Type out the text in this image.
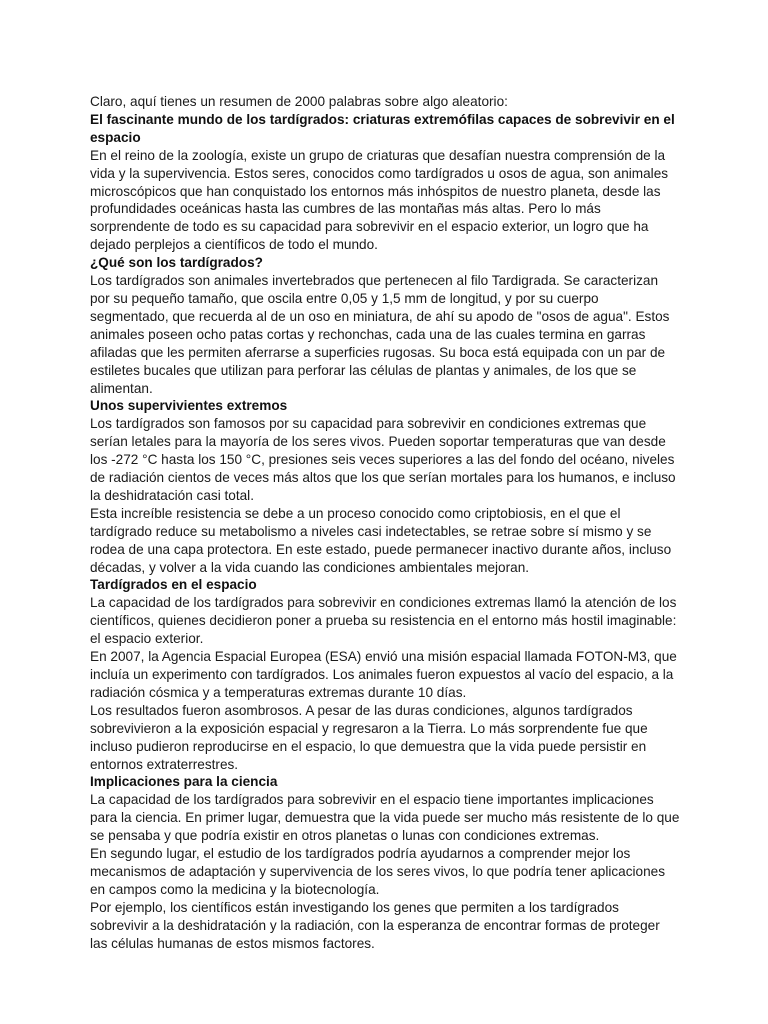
Claro, aquí tienes un resumen de 2000 palabras sobre algo aleatorio:

El fascinante mundo de los tardígrados: criaturas extremófilas capaces de sobrevivir en el espacio

En el reino de la zoología, existe un grupo de criaturas que desafían nuestra comprensión de la vida y la supervivencia. Estos seres, conocidos como tardígrados u osos de agua, son animales microscópicos que han conquistado los entornos más inhóspitos de nuestro planeta, desde las profundidades oceánicas hasta las cumbres de las montañas más altas. Pero lo más sorprendente de todo es su capacidad para sobrevivir en el espacio exterior, un logro que ha dejado perplejos a científicos de todo el mundo.

¿Qué son los tardígrados?

Los tardígrados son animales invertebrados que pertenecen al filo Tardigrada. Se caracterizan por su pequeño tamaño, que oscila entre 0,05 y 1,5 mm de longitud, y por su cuerpo segmentado, que recuerda al de un oso en miniatura, de ahí su apodo de "osos de agua". Estos animales poseen ocho patas cortas y rechonchas, cada una de las cuales termina en garras afiladas que les permiten aferrarse a superficies rugosas. Su boca está equipada con un par de estiletes bucales que utilizan para perforar las células de plantas y animales, de los que se alimentan.

Unos supervivientes extremos

Los tardígrados son famosos por su capacidad para sobrevivir en condiciones extremas que serían letales para la mayoría de los seres vivos. Pueden soportar temperaturas que van desde los -272 °C hasta los 150 °C, presiones seis veces superiores a las del fondo del océano, niveles de radiación cientos de veces más altos que los que serían mortales para los humanos, e incluso la deshidratación casi total.

Esta increíble resistencia se debe a un proceso conocido como criptobiosis, en el que el tardígrado reduce su metabolismo a niveles casi indetectables, se retrae sobre sí mismo y se rodea de una capa protectora. En este estado, puede permanecer inactivo durante años, incluso décadas, y volver a la vida cuando las condiciones ambientales mejoran.

Tardígrados en el espacio

La capacidad de los tardígrados para sobrevivir en condiciones extremas llamó la atención de los científicos, quienes decidieron poner a prueba su resistencia en el entorno más hostil imaginable: el espacio exterior.

En 2007, la Agencia Espacial Europea (ESA) envió una misión espacial llamada FOTON-M3, que incluía un experimento con tardígrados. Los animales fueron expuestos al vacío del espacio, a la radiación cósmica y a temperaturas extremas durante 10 días.

Los resultados fueron asombrosos. A pesar de las duras condiciones, algunos tardígrados sobrevivieron a la exposición espacial y regresaron a la Tierra. Lo más sorprendente fue que incluso pudieron reproducirse en el espacio, lo que demuestra que la vida puede persistir en entornos extraterrestres.

Implicaciones para la ciencia

La capacidad de los tardígrados para sobrevivir en el espacio tiene importantes implicaciones para la ciencia. En primer lugar, demuestra que la vida puede ser mucho más resistente de lo que se pensaba y que podría existir en otros planetas o lunas con condiciones extremas.

En segundo lugar, el estudio de los tardígrados podría ayudarnos a comprender mejor los mecanismos de adaptación y supervivencia de los seres vivos, lo que podría tener aplicaciones en campos como la medicina y la biotecnología.

Por ejemplo, los científicos están investigando los genes que permiten a los tardígrados sobrevivir a la deshidratación y la radiación, con la esperanza de encontrar formas de proteger las células humanas de estos mismos factores.
